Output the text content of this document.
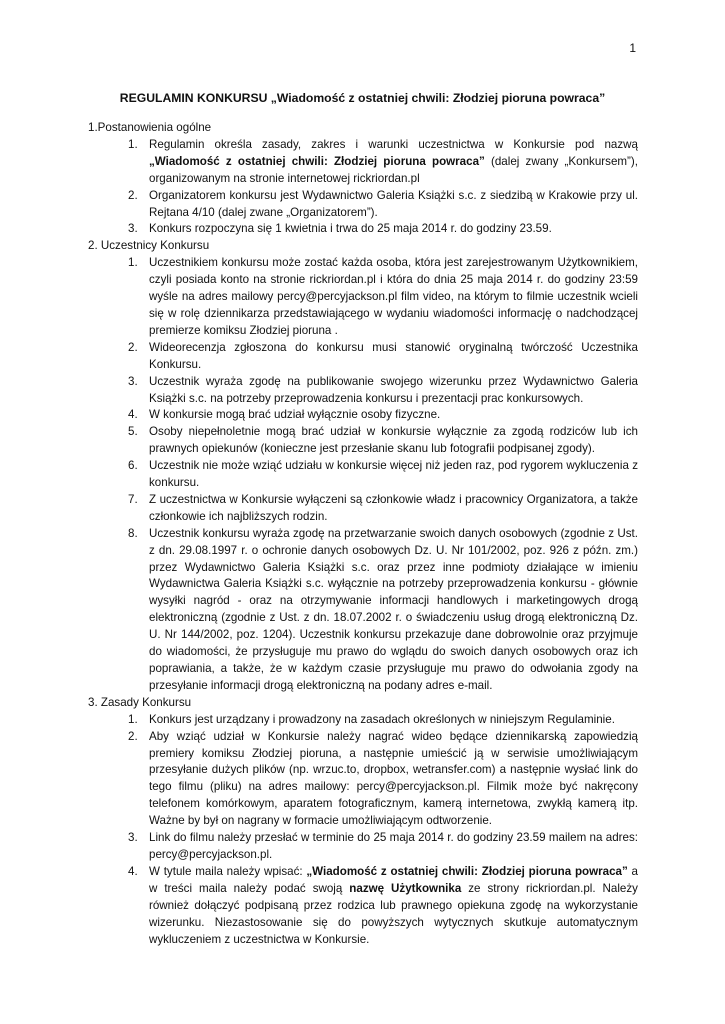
1
REGULAMIN KONKURSU „Wiadomość z ostatniej chwili: Złodziej pioruna powraca”
1.Postanowienia ogólne
1. Regulamin określa zasady, zakres i warunki uczestnictwa w Konkursie pod nazwą „Wiadomość z ostatniej chwili: Złodziej pioruna powraca” (dalej zwany „Konkursem”), organizowanym na stronie internetowej rickriordan.pl
2. Organizatorem konkursu jest Wydawnictwo Galeria Książki s.c. z siedzibą w Krakowie przy ul. Rejtana 4/10 (dalej zwane „Organizatorem”).
3. Konkurs rozpoczyna się 1 kwietnia i trwa do 25 maja 2014 r. do godziny 23.59.
2. Uczestnicy Konkursu
1. Uczestnikiem konkursu może zostać każda osoba, która jest zarejestrowanym Użytkownikiem, czyli posiada konto na stronie rickriordan.pl i która do dnia 25 maja 2014 r. do godziny 23:59 wyśle na adres mailowy percy@percyjackson.pl film video, na którym to filmie uczestnik wcieli się w rolę dziennikarza przedstawiającego w wydaniu wiadomości informację o nadchodzącej premierze komiksu Złodziej pioruna .
2. Wideorecenzja zgłoszona do konkursu musi stanowić oryginalną twórczość Uczestnika Konkursu.
3. Uczestnik wyraża zgodę na publikowanie swojego wizerunku przez Wydawnictwo Galeria Książki s.c. na potrzeby przeprowadzenia konkursu i prezentacji prac konkursowych.
4. W konkursie mogą brać udział wyłącznie osoby fizyczne.
5. Osoby niepełnoletnie mogą brać udział w konkursie wyłącznie za zgodą rodziców lub ich prawnych opiekunów (konieczne jest przesłanie skanu lub fotografii podpisanej zgody).
6. Uczestnik nie może wziąć udziału w konkursie więcej niż jeden raz, pod rygorem wykluczenia z konkursu.
7. Z uczestnictwa w Konkursie wyłączeni są członkowie władz i pracownicy Organizatora, a także członkowie ich najbliższych rodzin.
8. Uczestnik konkursu wyraża zgodę na przetwarzanie swoich danych osobowych (zgodnie z Ust. z dn. 29.08.1997 r. o ochronie danych osobowych Dz. U. Nr 101/2002, poz. 926 z późn. zm.) przez Wydawnictwo Galeria Książki s.c. oraz przez inne podmioty działające w imieniu Wydawnictwa Galeria Książki s.c. wyłącznie na potrzeby przeprowadzenia konkursu - głównie wysyłki nagród - oraz na otrzymywanie informacji handlowych i marketingowych drogą elektroniczną (zgodnie z Ust. z dn. 18.07.2002 r. o świadczeniu usług drogą elektroniczną Dz. U. Nr 144/2002, poz. 1204). Uczestnik konkursu przekazuje dane dobrowolnie oraz przyjmuje do wiadomości, że przysługuje mu prawo do wglądu do swoich danych osobowych oraz ich poprawiania, a także, że w każdym czasie przysługuje mu prawo do odwołania zgody na przesyłanie informacji drogą elektroniczną na podany adres e-mail.
3. Zasady Konkursu
1. Konkurs jest urządzany i prowadzony na zasadach określonych w niniejszym Regulaminie.
2. Aby wziąć udział w Konkursie należy nagrać wideo będące dziennikarską zapowiedzią premiery komiksu Złodziej pioruna, a następnie umieścić ją w serwisie umożliwiającym przesyłanie dużych plików (np. wrzuc.to, dropbox, wetransfer.com) a następnie wysłać link do tego filmu (pliku) na adres mailowy: percy@percyjackson.pl. Filmik może być nakręcony telefonem komórkowym, aparatem fotograficznym, kamerą internetowa, zwykłą kamerą itp. Ważne by był on nagrany w formacie umożliwiającym odtworzenie.
3. Link do filmu należy przesłać w terminie do 25 maja 2014 r. do godziny 23.59 mailem na adres: percy@percyjackson.pl.
4. W tytule maila należy wpisać: „Wiadomość z ostatniej chwili: Złodziej pioruna powraca” a w treści maila należy podać swoją nazwę Użytkownika ze strony rickriordan.pl. Należy również dołączyć podpisaną przez rodzica lub prawnego opiekuna zgodę na wykorzystanie wizerunku. Niezastosowanie się do powyższych wytycznych skutkuje automatycznym wykluczeniem z uczestnictwa w Konkursie.
